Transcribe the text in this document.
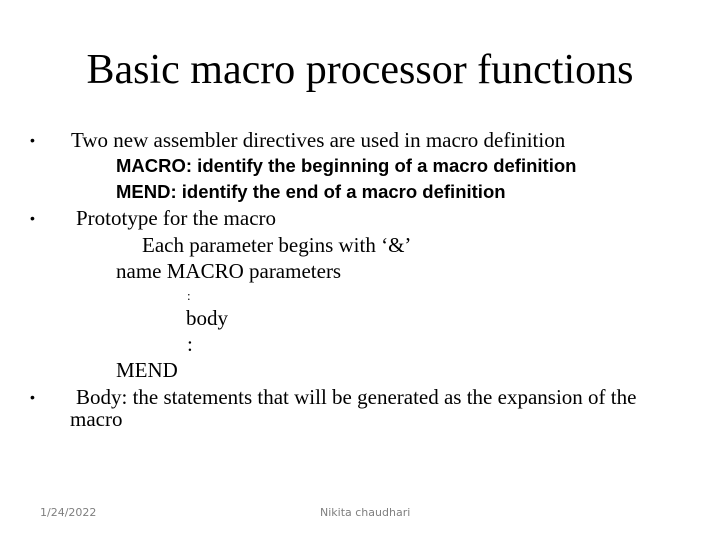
Basic macro processor functions
• Two new assembler directives are used in macro definition
MACRO: identify the beginning of a macro definition
MEND: identify the end of a macro definition
• Prototype for the macro
Each parameter begins with ‘&’
name MACRO parameters
:
body
:
MEND
• Body: the statements that will be generated as the expansion of the
macro
1/24/2022	Nikita chaudhari
